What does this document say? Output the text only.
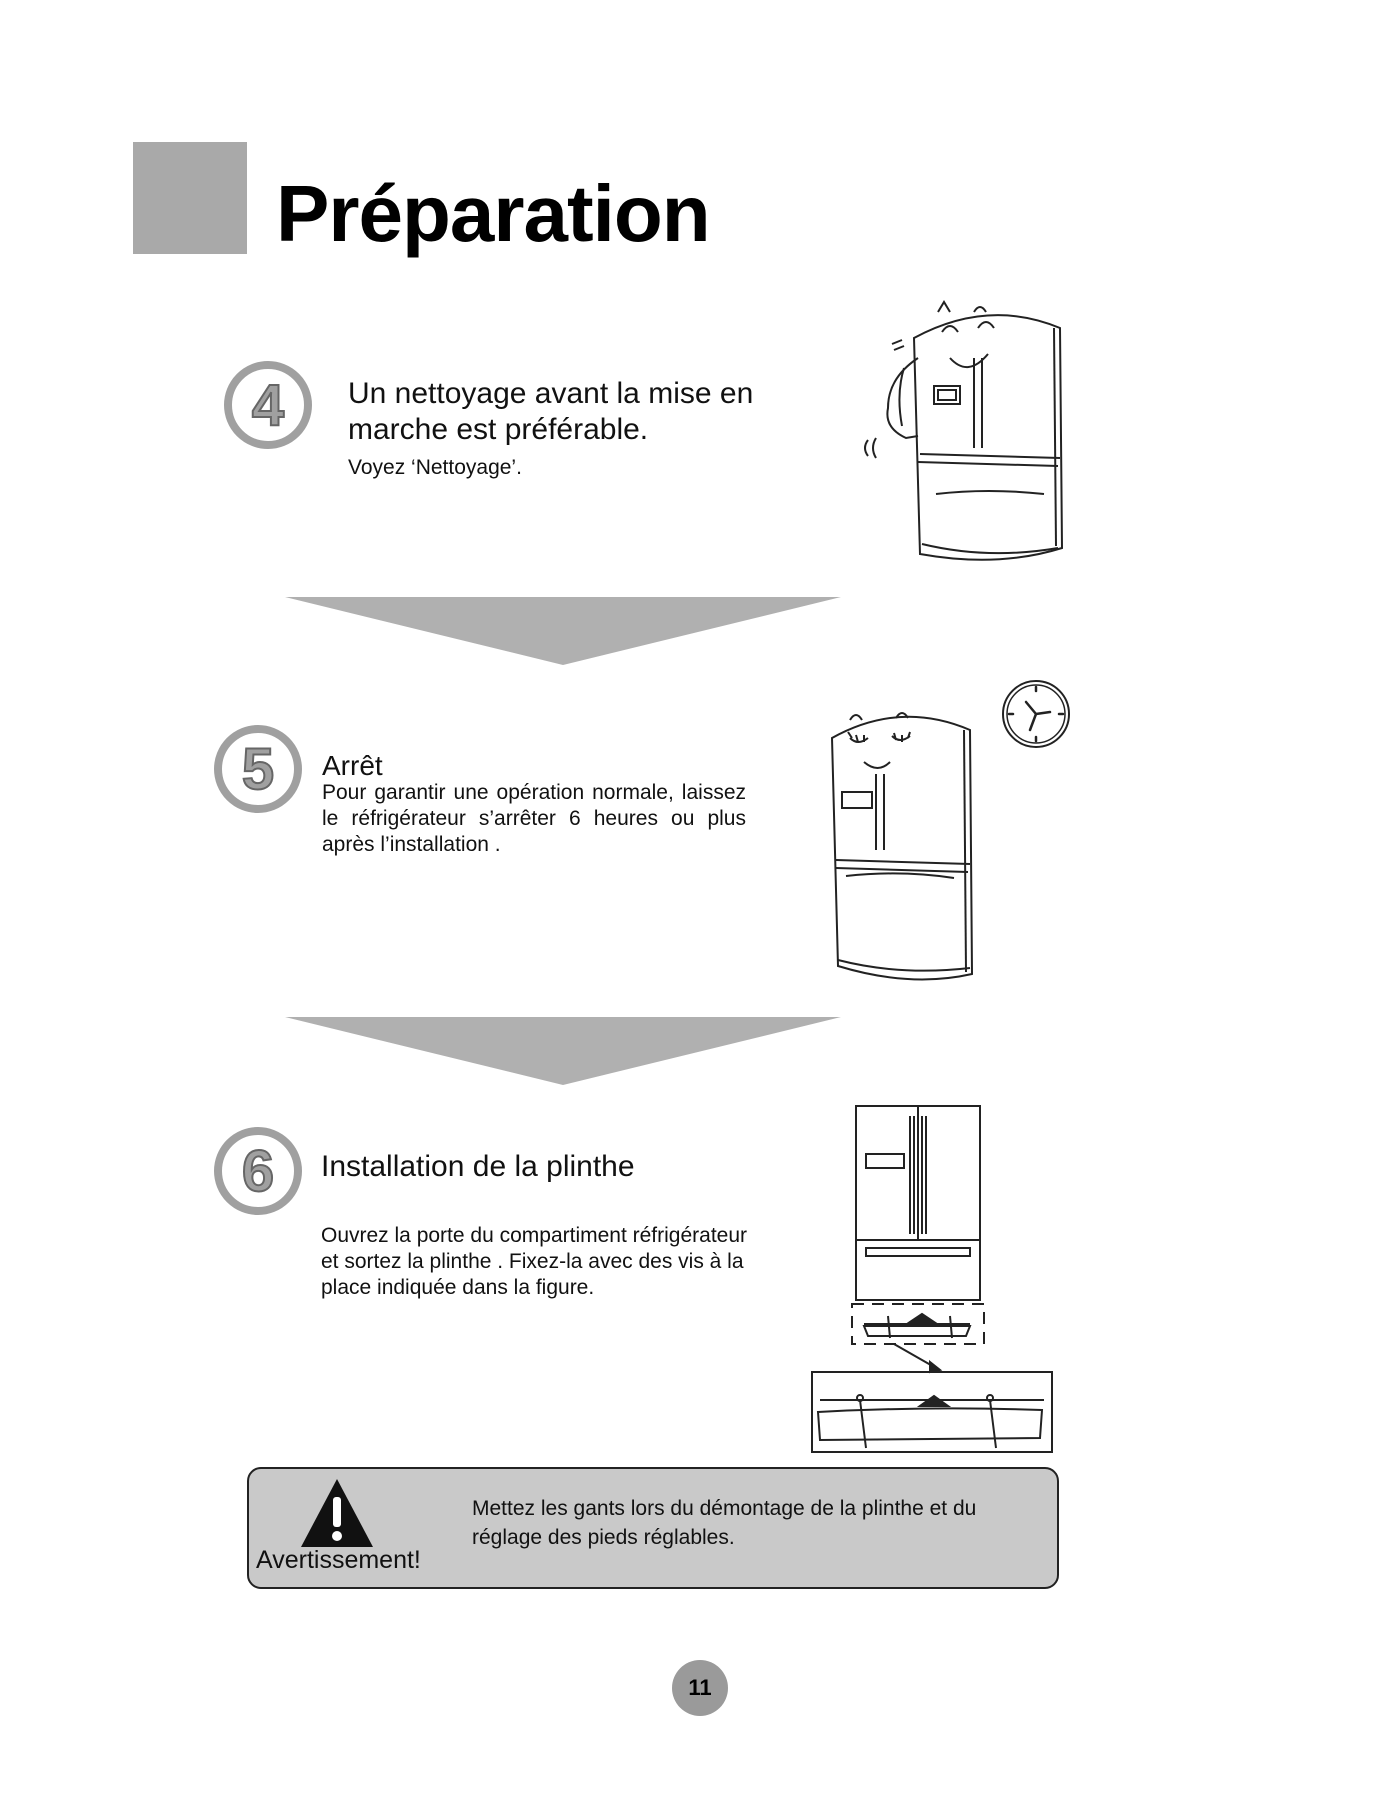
Préparation
4 Un nettoyage avant la mise en marche est préférable.
Voyez ‘Nettoyage’.
5 Arrêt
Pour garantir une opération normale, laissez le réfrigérateur s’arrêter 6 heures ou plus après l’installation .
6 Installation de la plinthe
Ouvrez la porte du compartiment réfrigérateur et sortez la plinthe . Fixez-la avec des vis à la place indiquée dans la figure.
Avertissement!
Mettez les gants lors du démontage de la plinthe et du réglage des pieds réglables.
11
